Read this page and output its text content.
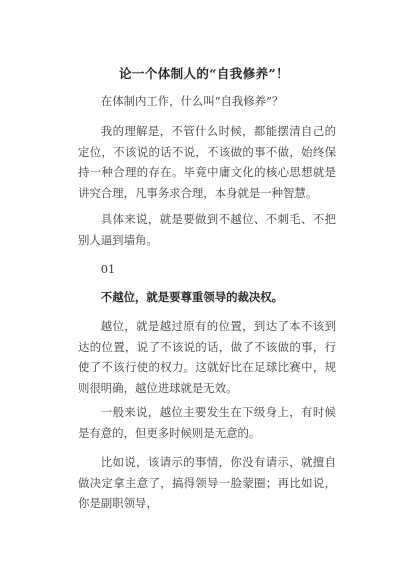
论一个体制人的“自我修养”！

在体制内工作，什么叫“自我修养”？

我的理解是，不管什么时候，都能摆清自己的定位，不该说的话不说，不该做的事不做，始终保持一种合理的存在。毕竟中庸文化的核心思想就是讲究合理，凡事务求合理，本身就是一种智慧。

具体来说，就是要做到不越位、不刺毛、不把别人逼到墙角。

01

不越位，就是要尊重领导的裁决权。

越位，就是越过原有的位置，到达了本不该到达的位置，说了不该说的话，做了不该做的事，行使了不该行使的权力。这就好比在足球比赛中，规则很明确，越位进球就是无效。

一般来说，越位主要发生在下级身上，有时候是有意的，但更多时候则是无意的。

比如说，该请示的事情，你没有请示，就擅自做决定拿主意了，搞得领导一脸蒙圈；再比如说，你是副职领导，
